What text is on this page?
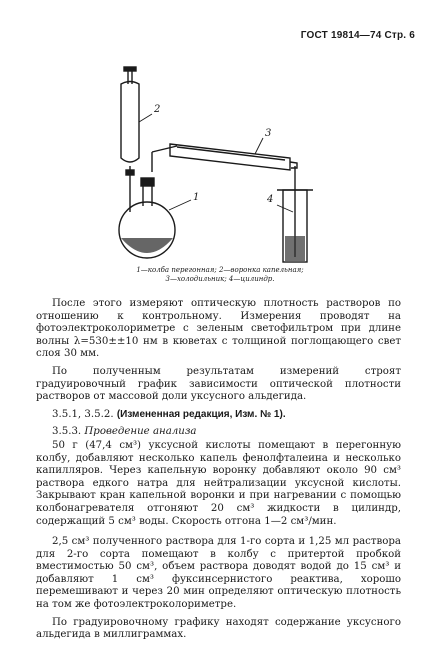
ГОСТ 19814—74 Стр. 6
2
1
3
4
1—колба перегонная; 2—воронка капельная;
3—холодильник; 4—цилиндр.

После этого измеряют оптическую плотность растворов по отношению к контрольному. Измерения проводят на фотоэлектроколориметре с зеленым светофильтром при длине волны λ=530±±10 нм в кюветах с толщиной поглощающего свет слоя 30 мм.

По полученным результатам измерений строят градуировочный график зависимости оптической плотности растворов от массовой доли уксусного альдегида.

3.5.1, 3.5.2. (Измененная редакция, Изм. № 1).

3.5.3. Проведение анализа

50 г (47,4 см³) уксусной кислоты помещают в перегонную колбу, добавляют несколько капель фенолфталеина и несколько капилляров. Через капельную воронку добавляют около 90 см³ раствора едкого натра для нейтрализации уксусной кислоты. Закрывают кран капельной воронки и при нагревании с помощью колбонагревателя отгоняют 20 см³ жидкости в цилиндр, содержащий 5 см³ воды. Скорость отгона 1—2 см³/мин.

2,5 см³ полученного раствора для 1-го сорта и 1,25 мл раствора для 2-го сорта помещают в колбу с притертой пробкой вместимостью 50 см³, объем раствора доводят водой до 15 см³ и добавляют 1 см³ фуксинсернистого реактива, хорошо перемешивают и через 20 мин определяют оптическую плотность на том же фотоэлектроколориметре.

По градуировочному графику находят содержание уксусного альдегида в миллиграммах.
